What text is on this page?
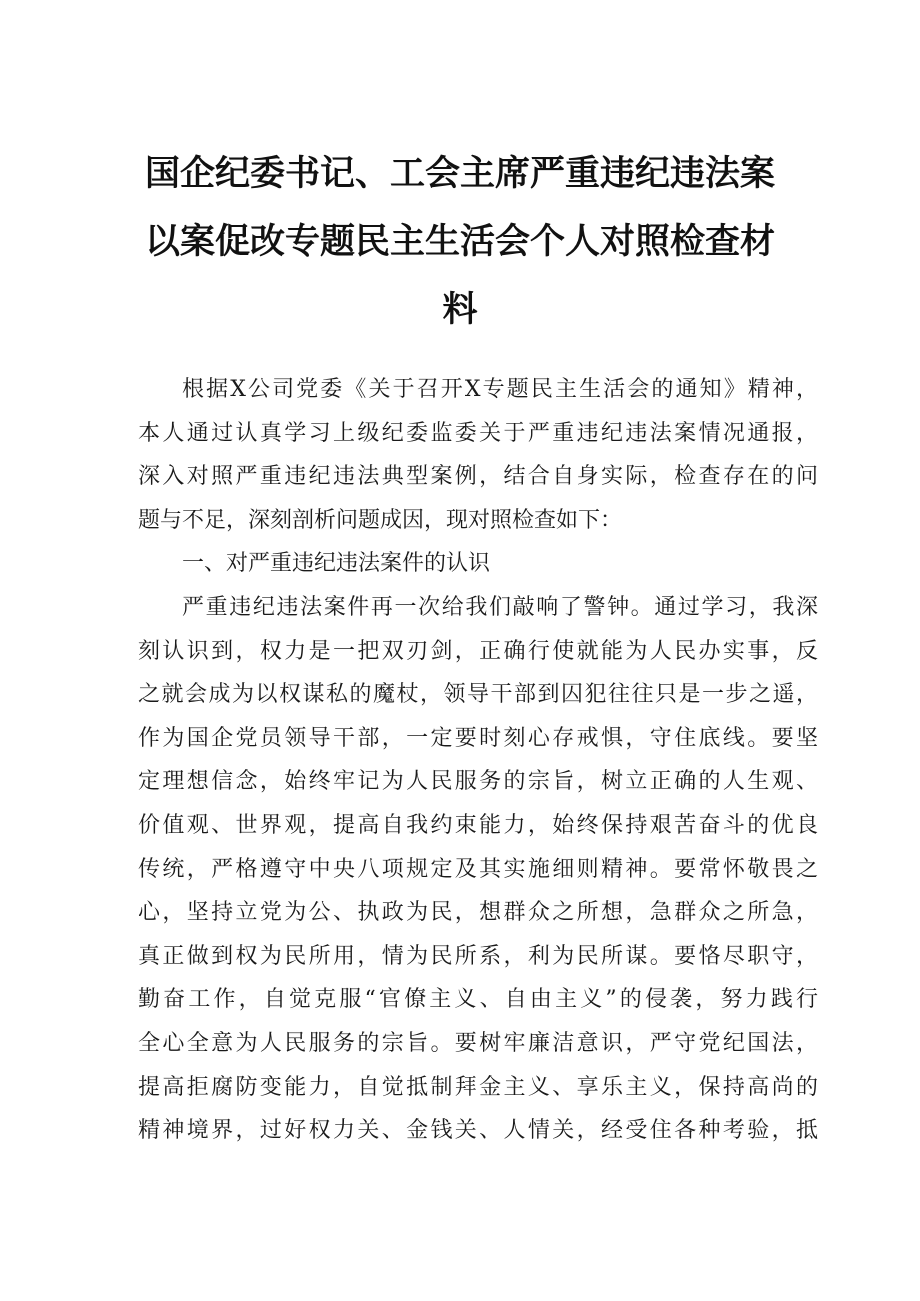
国企纪委书记、工会主席严重违纪违法案
以案促改专题民主生活会个人对照检查材
料
根据X公司党委《关于召开X专题民主生活会的通知》精神，
本人通过认真学习上级纪委监委关于严重违纪违法案情况通报，
深入对照严重违纪违法典型案例，结合自身实际，检查存在的问
题与不足，深刻剖析问题成因，现对照检查如下：
一、对严重违纪违法案件的认识
严重违纪违法案件再一次给我们敲响了警钟。通过学习，我深
刻认识到，权力是一把双刃剑，正确行使就能为人民办实事，反
之就会成为以权谋私的魔杖，领导干部到囚犯往往只是一步之遥，
作为国企党员领导干部，一定要时刻心存戒惧，守住底线。要坚
定理想信念，始终牢记为人民服务的宗旨，树立正确的人生观、
价值观、世界观，提高自我约束能力，始终保持艰苦奋斗的优良
传统，严格遵守中央八项规定及其实施细则精神。要常怀敬畏之
心，坚持立党为公、执政为民，想群众之所想，急群众之所急，
真正做到权为民所用，情为民所系，利为民所谋。要恪尽职守，
勤奋工作，自觉克服“官僚主义、自由主义”的侵袭，努力践行
全心全意为人民服务的宗旨。要树牢廉洁意识，严守党纪国法，
提高拒腐防变能力，自觉抵制拜金主义、享乐主义，保持高尚的
精神境界，过好权力关、金钱关、人情关，经受住各种考验，抵
